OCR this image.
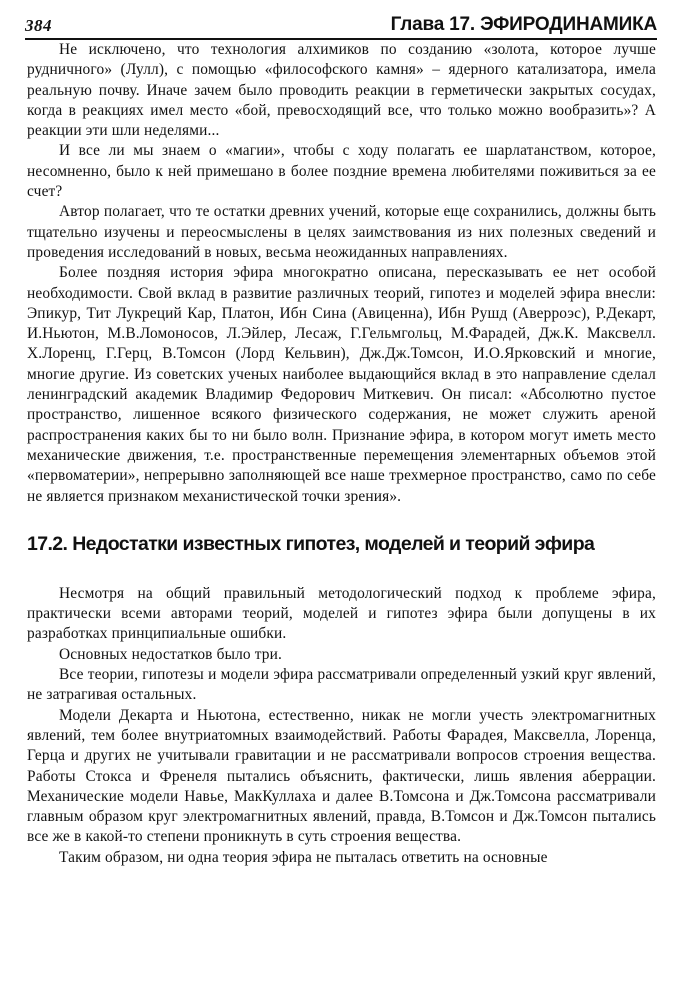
384	Глава 17. ЭФИРОДИНАМИКА

Не исключено, что технология алхимиков по созданию «золота, которое лучше рудничного» (Лулл), с помощью «философского камня» – ядерного катализатора, имела реальную почву. Иначе зачем было проводить реакции в герметически закрытых сосудах, когда в реакциях имел место «бой, превосходящий все, что только можно вообразить»? А реакции эти шли неделями...

И все ли мы знаем о «магии», чтобы с ходу полагать ее шарлатанством, которое, несомненно, было к ней примешано в более поздние времена любителями поживиться за ее счет?

Автор полагает, что те остатки древних учений, которые еще сохранились, должны быть тщательно изучены и переосмыслены в целях заимствования из них полезных сведений и проведения исследований в новых, весьма неожиданных направлениях.

Более поздняя история эфира многократно описана, пересказывать ее нет особой необходимости. Свой вклад в развитие различных теорий, гипотез и моделей эфира внесли: Эпикур, Тит Лукреций Кар, Платон, Ибн Сина (Авиценна), Ибн Рушд (Аверроэс), Р.Декарт, И.Ньютон, М.В.Ломоносов, Л.Эйлер, Лесаж, Г.Гельмгольц, М.Фарадей, Дж.К. Максвелл. Х.Лоренц, Г.Герц, В.Томсон (Лорд Кельвин), Дж.Дж.Томсон, И.О.Ярковский и многие, многие другие. Из советских ученых наиболее выдающийся вклад в это направление сделал ленинградский академик Владимир Федорович Миткевич. Он писал: «Абсолютно пустое пространство, лишенное всякого физического содержания, не может служить ареной распространения каких бы то ни было волн. Признание эфира, в котором могут иметь место механические движения, т.е. пространственные перемещения элементарных объемов этой «первоматерии», непрерывно заполняющей все наше трехмерное пространство, само по себе не является признаком механистической точки зрения».

17.2. Недостатки известных гипотез, моделей и теорий эфира

Несмотря на общий правильный методологический подход к проблеме эфира, практически всеми авторами теорий, моделей и гипотез эфира были допущены в их разработках принципиальные ошибки.

Основных недостатков было три.

Все теории, гипотезы и модели эфира рассматривали определенный узкий круг явлений, не затрагивая остальных.

Модели Декарта и Ньютона, естественно, никак не могли учесть электромагнитных явлений, тем более внутриатомных взаимодействий. Работы Фарадея, Максвелла, Лоренца, Герца и других не учитывали гравитации и не рассматривали вопросов строения вещества. Работы Стокса и Френеля пытались объяснить, фактически, лишь явления аберрации. Механические модели Навье, МакКуллаха и далее В.Томсона и Дж.Томсона рассматривали главным образом круг электромагнитных явлений, правда, В.Томсон и Дж.Томсон пытались все же в какой-то степени проникнуть в суть строения вещества.

Таким образом, ни одна теория эфира не пыталась ответить на основные
